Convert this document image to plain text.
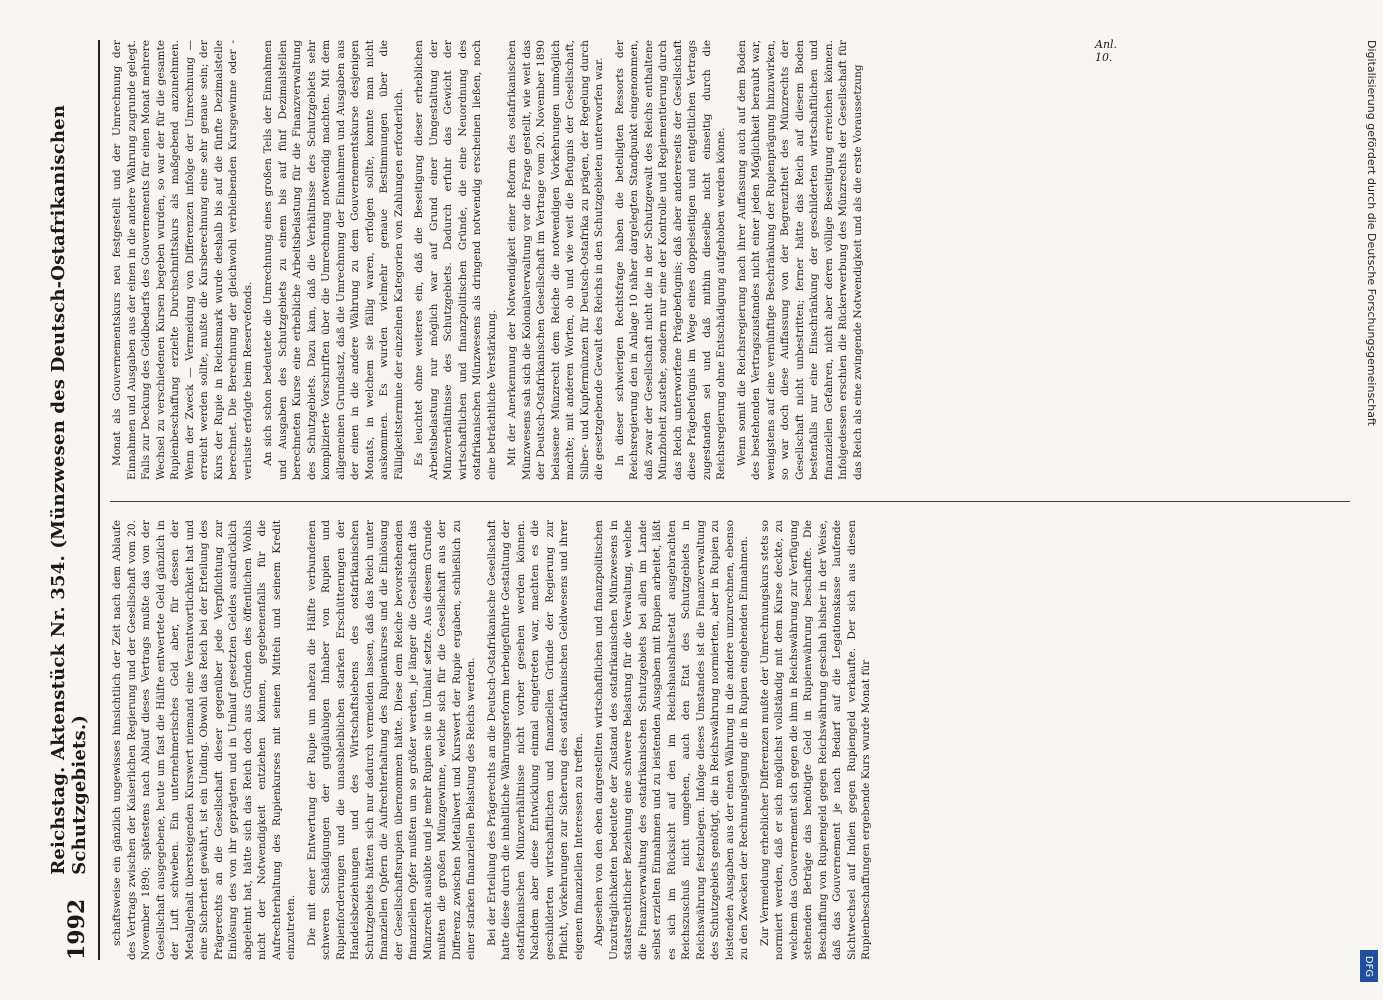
1992
Reichstag. Aktenstück Nr. 354. (Münzwesen des Deutsch-Ostafrikanischen Schutzgebiets.) schaftsweise ein gänzlich ungewisses hinsichtlich der Zeit nach dem Ablaufe des Vertrags zwischen der Kaiserlichen Regierung und der Gesellschaft vom 20. November 1890; spätestens nach Ablauf dieses Vertrags mußte das von der Gesellschaft ausgegebene, heute um fast die Hälfte entwertete Geld gänzlich in der Luft schweben. Ein unternehmerisches Geld aber, für dessen der Metallgehalt übersteigenden Kurswert niemand eine Verantwortlichkeit hat und eine Sicherheit gewährt, ist ein Unding. Obwohl das Reich bei der Erteilung des Prägerechts an die Gesellschaft dieser gegenüber jede Verpflichtung zur Einlösung des von ihr geprägten und in Umlauf gesetzten Geldes ausdrücklich abgelehnt hat, hätte sich das Reich doch aus Gründen des öffentlichen Wohls nicht der Notwendigkeit entziehen können, gegebenenfalls für die Aufrechterhaltung des Rupienkurses mit seinen Mitteln und seinem Kredit einzutreten. Die mit einer Entwertung der Rupie um nahezu die Hälfte verbundenen schweren Schädigungen der gutgläubigen Inhaber von Rupien und Rupienforderungen und die unausbleiblichen starken Erschütterungen der Handelsbeziehungen und des Wirtschaftslebens des ostafrikanischen Schutzgebiets hätten sich nur dadurch vermeiden lassen, daß das Reich unter finanziellen Opfern die Aufrechterhaltung des Rupienkurses und die Einlösung der Gesellschaftsrupien übernommen hätte. Diese dem Reiche bevorstehenden finanziellen Opfer mußten um so größer werden, je länger die Gesellschaft das Münzrecht ausübte und je mehr Rupien sie in Umlauf setzte. Aus diesem Grunde mußten die großen Münzgewinne, welche sich für die Gesellschaft aus der Differenz zwischen Metallwert und Kurswert der Rupie ergaben, schließlich zu einer starken finanziellen Belastung des Reichs werden. Bei der Erteilung des Prägerechts an die Deutsch-Ostafrikanische Gesellschaft hatte diese durch die inhaltliche Währungsreform herbeigeführte Gestaltung der ostafrikanischen Münzverhältnisse nicht vorher gesehen werden können. Nachdem aber diese Entwicklung einmal eingetreten war, machten es die geschilderten wirtschaftlichen und finanziellen Gründe der Regierung zur Pflicht, Vorkehrungen zur Sicherung des ostafrikanischen Geldwesens und ihrer eigenen finanziellen Interessen zu treffen. Abgesehen von den eben dargestellten wirtschaftlichen und finanzpolitischen Unzuträglichkeiten bedeutete der Zustand des ostafrikanischen Münzwesens in staatsrechtlicher Beziehung eine schwere Belastung für die Verwaltung, welche die Finanzverwaltung des ostafrikanischen Schutzgebiets bei allen im Lande selbst erzielten Einnahmen und zu leistenden Ausgaben mit Rupien arbeitet, läßt es sich im Rücksicht auf den im Reichshaushaltsetat ausgebrachten Reichszuschuß nicht umgehen, auch den Etat des Schutzgebiets in Reichswährung festzulegen. Infolge dieses Umstandes ist die Finanzverwaltung des Schutzgebiets genötigt, die in Reichswährung normierten, aber in Rupien zu leistenden Ausgaben aus der einen Währung in die andere umzurechnen, ebenso zu den Zwecken der Rechnungslegung die in Rupien eingehenden Einnahmen. Zur Vermeidung erheblicher Differenzen mußte der Umrechnungskurs stets so normiert werden, daß er sich möglichst vollständig mit dem Kurse deckte, zu welchem das Gouvernement sich gegen die ihm in Reichswährung zur Verfügung stehenden Beträge das benötigte Geld in Rupienwährung beschaffte. Die Beschaffung von Rupiengeld gegen Reichswährung geschah bisher in der Weise, daß das Gouvernement je nach Bedarf auf die Legationskasse laufende Sichtwechsel auf Indien gegen Rupiengeld verkaufte. Der sich aus diesen Rupienbeschaffungen ergebende Kurs wurde Monat für

Monat als Gouvernementskurs neu festgestellt und der Umrechnung der Einnahmen und Ausgaben aus der einen in die andere Währung zugrunde gelegt. Falls zur Deckung des Geldbedarfs des Gouvernements für einen Monat mehrere Wechsel zu verschiedenen Kursen begeben wurden, so war der für die gesamte Rupienbeschaffung erzielte Durchschnittskurs als maßgebend anzunehmen. Wenn der Zweck — Vermeidung von Differenzen infolge der Umrechnung — erreicht werden sollte, mußte die Kursberechnung eine sehr genaue sein; der Kurs der Rupie in Reichsmark wurde deshalb bis auf die fünfte Dezimalstelle berechnet. Die Berechnung der gleichwohl verbleibenden Kursgewinne oder -verluste erfolgte beim Reservefonds. An sich schon bedeutete die Umrechnung eines großen Teils der Einnahmen und Ausgaben des Schutzgebiets zu einem bis auf fünf Dezimalstellen berechneten Kurse eine erhebliche Arbeitsbelastung für die Finanzverwaltung des Schutzgebiets. Dazu kam, daß die Verhältnisse des Schutzgebiets sehr komplizierte Vorschriften über die Umrechnung notwendig machten. Mit dem allgemeinen Grundsatz, daß die Umrechnung der Einnahmen und Ausgaben aus der einen in die andere Währung zu dem Gouvernementskurse desjenigen Monats, in welchem sie fällig waren, erfolgen sollte, konnte man nicht auskommen. Es wurden vielmehr genaue Bestimmungen über die Fälligkeitstermine der einzelnen Kategorien von Zahlungen erforderlich. Es leuchtet ohne weiteres ein, daß die Beseitigung dieser erheblichen Arbeitsbelastung nur möglich war auf Grund einer Umgestaltung der Münzverhältnisse des Schutzgebiets. Dadurch erfuhr das Gewicht der wirtschaftlichen und finanzpolitischen Gründe, die eine Neuordnung des ostafrikanischen Münzwesens als dringend notwendig erscheinen ließen, noch eine beträchtliche Verstärkung. Mit der Anerkennung der Notwendigkeit einer Reform des ostafrikanischen Münzwesens sah sich die Kolonialverwaltung vor die Frage gestellt, wie weit das der Deutsch-Ostafrikanischen Gesellschaft im Vertrage vom 20. November 1890 belassene Münzrecht dem Reiche die notwendigen Vorkehrungen unmöglich machte; mit anderen Worten, ob und wie weit die Befugnis der Gesellschaft, Silber- und Kupfermünzen für Deutsch-Ostafrika zu prägen, der Regelung durch die gesetzgebende Gewalt des Reichs in den Schutzgebieten unterworfen war. In dieser schwierigen Rechtsfrage haben die beteiligten Ressorts der Reichsregierung den in Anlage 10 näher dargelegten Standpunkt eingenommen, daß zwar der Gesellschaft nicht die in der Schutzgewalt des Reichs enthaltene Münzhoheit zustehe, sondern nur eine der Kontrolle und Reglementierung durch das Reich unterworfene Prägebefugnis; daß aber andererseits der Gesellschaft diese Prägebefugnis im Wege eines doppelseitigen und entgeltlichen Vertrags zugestanden sei und daß mithin dieselbe nicht einseitig durch die Reichsregierung ohne Entschädigung aufgehoben werden könne. Wenn somit die Reichsregierung nach ihrer Auffassung auch auf dem Boden des bestehenden Vertragszustandes nicht einer jeden Möglichkeit beraubt war, wenigstens auf eine vernünftige Beschränkung der Rupienprägung hinzuwirken, so war doch diese Auffassung von der Begrenztheit des Münzrechts der Gesellschaft nicht unbestritten; ferner hätte das Reich auf diesem Boden bestenfalls nur eine Einschränkung der geschilderten wirtschaftlichen und finanziellen Gefahren, nicht aber deren völlige Beseitigung erreichen können. Infolgedessen erschien die Rückerwerbung des Münzrechts der Gesellschaft für das Reich als eine zwingende Notwendigkeit und als die erste Voraussetzung

Anl. 10.	Digitalisierung gefördert durch die Deutsche Forschungsgemeinschaft
DFG
